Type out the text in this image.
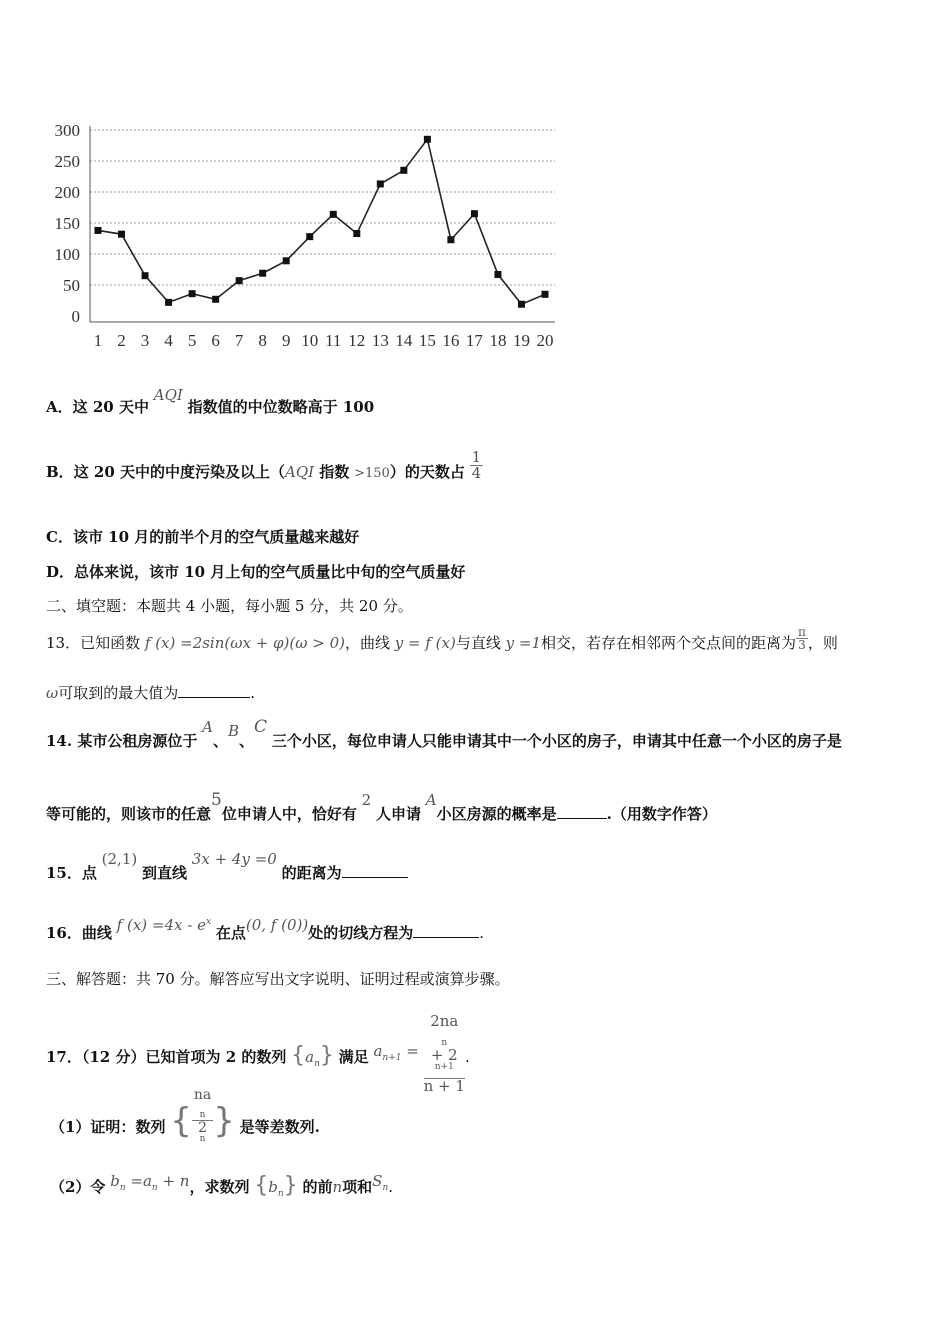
0
50
100
150
200
250
300
1 2 3 4 5 6 7 8 9 10 11 12 13 14 15 16 17 18 19 20
A．这 20 天中 AQI 指数值的中位数略高于 100
B．这 20 天中的中度污染及以上（AQI 指数 >150）的天数占 $\frac{1}{4}$
C．该市 10 月的前半个月的空气质量越来越好
D．总体来说，该市 10 月上旬的空气质量比中旬的空气质量好
二、填空题：本题共 4 小题，每小题 5 分，共 20 分。
13．已知函数 f (x) =2sin(ωx + φ)(ω > 0)，曲线 y = f (x)与直线 y =1相交，若存在相邻两个交点间的距离为 $\frac{\pi}{3}$ ，则
ω可取到的最大值为	.
14. 某市公租房源位于 A、B、C 三个小区，每位申请人只能申请其中一个小区的房子，申请其中任意一个小区的房子是
等可能的，则该市的任意5位申请人中，恰好有 2 人申请 A小区房源的概率是	.（用数字作答）
15．点 (2,1) 到直线 3x + 4y =0 的距离为
16．曲线 f $(x) =4x - e^x$ 在点(0, f (0))处的切线方程为	.
三、解答题：共 70 分。解答应写出文字说明、证明过程或演算步骤。
17．（12 分）已知首项为 2 的数列 $\{a_n\}$ 满足 $a_{n+1} = 2na$
$_n$
+ 2
$^{n+1}$
n + 1 .
（1）证明：数列 { na
$_n$
2
$^n$ } 是等差数列.
（2）令 $b_n =a_n + n$，求数列 $\{b_n\}$ 的前n项和$S_n$.
